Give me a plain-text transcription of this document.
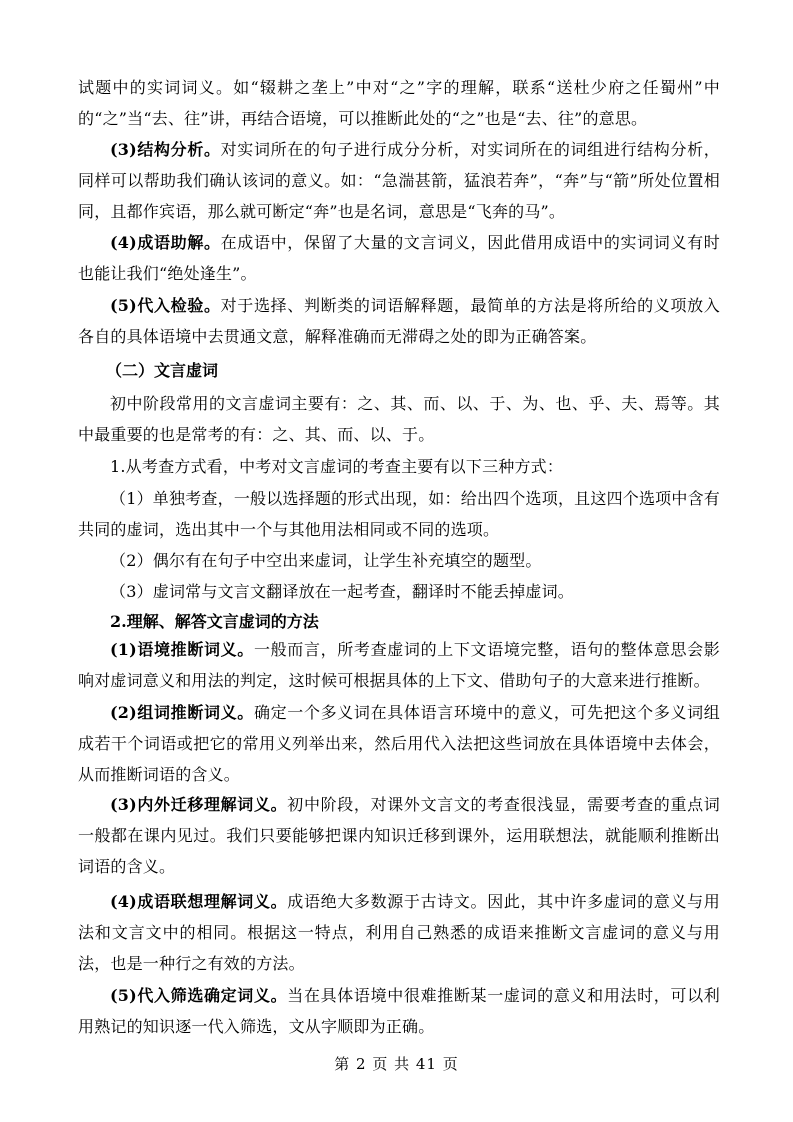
试题中的实词词义。如“辍耕之垄上”中对“之”字的理解，联系“送杜少府之任蜀州”中的“之”当“去、往”讲，再结合语境，可以推断此处的“之”也是“去、往”的意思。

(3)结构分析。对实词所在的句子进行成分分析，对实词所在的词组进行结构分析，同样可以帮助我们确认该词的意义。如：“急湍甚箭，猛浪若奔”，“奔”与“箭”所处位置相同，且都作宾语，那么就可断定“奔”也是名词，意思是“飞奔的马”。

(4)成语助解。在成语中，保留了大量的文言词义，因此借用成语中的实词词义有时也能让我们“绝处逢生”。

(5)代入检验。对于选择、判断类的词语解释题，最简单的方法是将所给的义项放入各自的具体语境中去贯通文意，解释准确而无滞碍之处的即为正确答案。

（二）文言虚词

初中阶段常用的文言虚词主要有：之、其、而、以、于、为、也、乎、夫、焉等。其中最重要的也是常考的有：之、其、而、以、于。

1.从考查方式看，中考对文言虚词的考查主要有以下三种方式：

（1）单独考查，一般以选择题的形式出现，如：给出四个选项，且这四个选项中含有共同的虚词，选出其中一个与其他用法相同或不同的选项。

（2）偶尔有在句子中空出来虚词，让学生补充填空的题型。

（3）虚词常与文言文翻译放在一起考查，翻译时不能丢掉虚词。

2.理解、解答文言虚词的方法

(1)语境推断词义。一般而言，所考查虚词的上下文语境完整，语句的整体意思会影响对虚词意义和用法的判定，这时候可根据具体的上下文、借助句子的大意来进行推断。

(2)组词推断词义。确定一个多义词在具体语言环境中的意义，可先把这个多义词组成若干个词语或把它的常用义列举出来，然后用代入法把这些词放在具体语境中去体会，从而推断词语的含义。

(3)内外迁移理解词义。初中阶段，对课外文言文的考查很浅显，需要考查的重点词一般都在课内见过。我们只要能够把课内知识迁移到课外，运用联想法，就能顺利推断出词语的含义。

(4)成语联想理解词义。成语绝大多数源于古诗文。因此，其中许多虚词的意义与用法和文言文中的相同。根据这一特点，利用自己熟悉的成语来推断文言虚词的意义与用法，也是一种行之有效的方法。

(5)代入筛选确定词义。当在具体语境中很难推断某一虚词的意义和用法时，可以利用熟记的知识逐一代入筛选，文从字顺即为正确。

第 2 页 共 41 页
